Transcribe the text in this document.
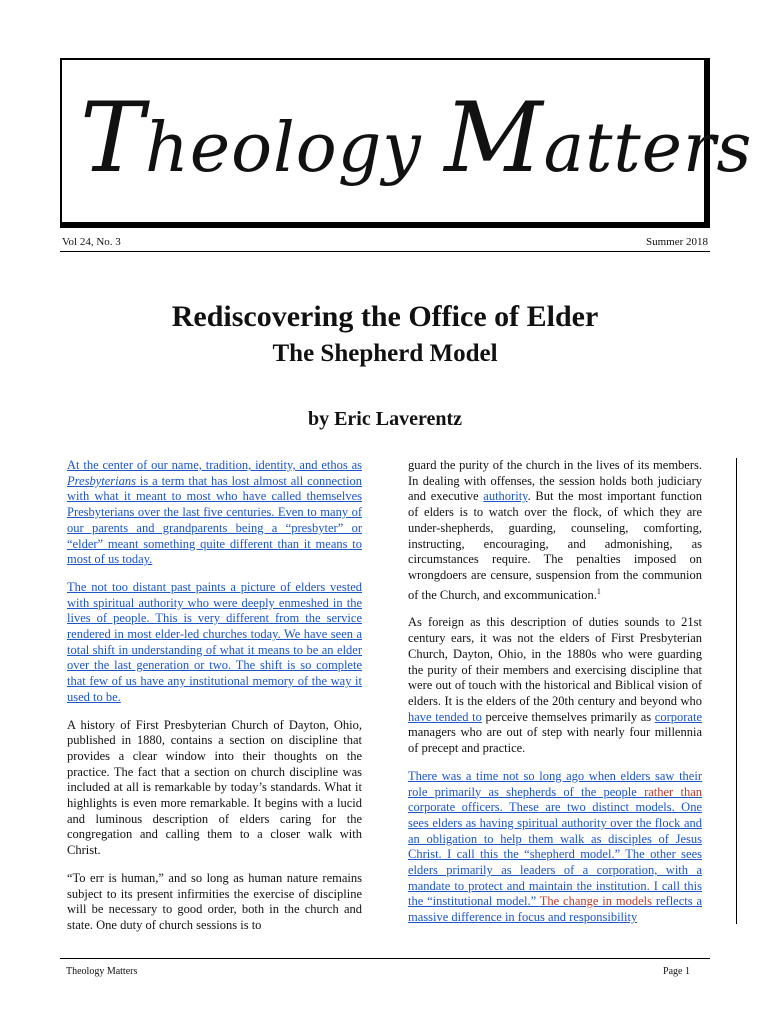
Theology Matters
Vol 24, No. 3	Summer 2018
Rediscovering the Office of Elder
The Shepherd Model
by Eric Laverentz

At the center of our name, tradition, identity, and ethos as Presbyterians is a term that has lost almost all connection with what it meant to most who have called themselves Presbyterians over the last five centuries. Even to many of our parents and grandparents being a “presbyter” or “elder” meant something quite different than it means to most of us today.

The not too distant past paints a picture of elders vested with spiritual authority who were deeply enmeshed in the lives of people. This is very different from the service rendered in most elder-led churches today. We have seen a total shift in understanding of what it means to be an elder over the last generation or two. The shift is so complete that few of us have any institutional memory of the way it used to be.

A history of First Presbyterian Church of Dayton, Ohio, published in 1880, contains a section on discipline that provides a clear window into their thoughts on the practice. The fact that a section on church discipline was included at all is remarkable by today’s standards. What it highlights is even more remarkable. It begins with a lucid and luminous description of elders caring for the congregation and calling them to a closer walk with Christ.

“To err is human,” and so long as human nature remains subject to its present infirmities the exercise of discipline will be necessary to good order, both in the church and state. One duty of church sessions is to

guard the purity of the church in the lives of its members. In dealing with offenses, the session holds both judiciary and executive authority. But the most important function of elders is to watch over the flock, of which they are under-shepherds, guarding, counseling, comforting, instructing, encouraging, and admonishing, as circumstances require. The penalties imposed on wrongdoers are censure, suspension from the communion of the Church, and excommunication.$^1$

As foreign as this description of duties sounds to 21st century ears, it was not the elders of First Presbyterian Church, Dayton, Ohio, in the 1880s who were guarding the purity of their members and exercising discipline that were out of touch with the historical and Biblical vision of elders. It is the elders of the 20th century and beyond who have tended to perceive themselves primarily as corporate managers who are out of step with nearly four millennia of precept and practice.

There was a time not so long ago when elders saw their role primarily as shepherds of the people rather than corporate officers. These are two distinct models. One sees elders as having spiritual authority over the flock and an obligation to help them walk as disciples of Jesus Christ. I call this the “shepherd model.” The other sees elders primarily as leaders of a corporation, with a mandate to protect and maintain the institution. I call this the “institutional model.” The change in models reflects a massive difference in focus and responsibility

Theology Matters	Page 1
